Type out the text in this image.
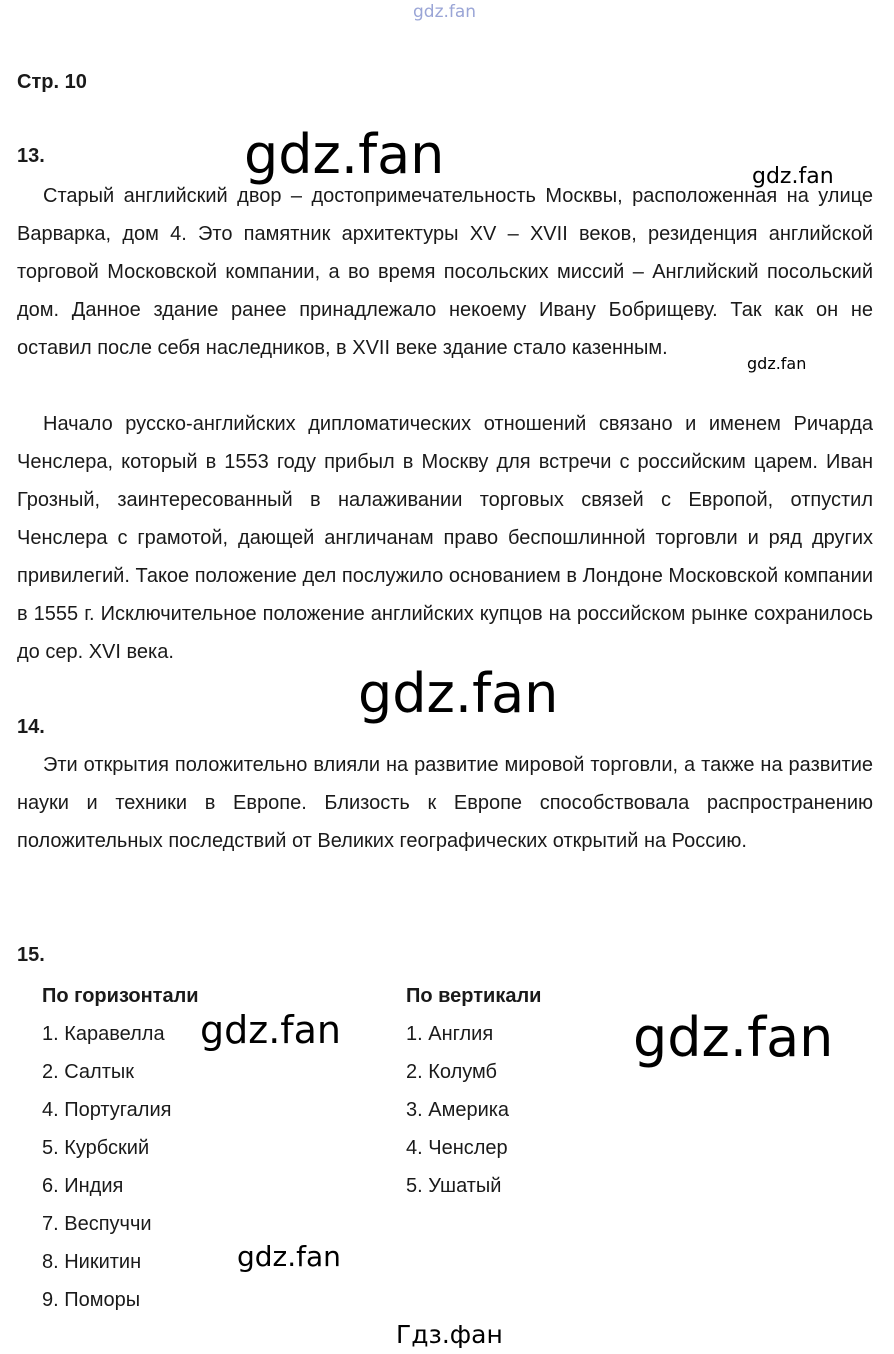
gdz.fan
Стр. 10
13.

Старый английский двор – достопримечательность Москвы, расположенная на улице Варварка, дом 4. Это памятник архитектуры XV – XVII веков, резиденция английской торговой Московской компании, а во время посольских миссий – Английский посольский дом. Данное здание ранее принадлежало некоему Ивану Бобрищеву. Так как он не оставил после себя наследников, в XVII веке здание стало казенным.

Начало русско-английских дипломатических отношений связано и именем Ричарда Ченслера, который в 1553 году прибыл в Москву для встречи с российским царем. Иван Грозный, заинтересованный в налаживании торговых связей с Европой, отпустил Ченслера с грамотой, дающей англичанам право беспошлинной торговли и ряд других привилегий. Такое положение дел послужило основанием в Лондоне Московской компании в 1555 г. Исключительное положение английских купцов на российском рынке сохранилось до сер. XVI века.

14.

Эти открытия положительно влияли на развитие мировой торговли, а также на развитие науки и техники в Европе. Близость к Европе способствовала распространению положительных последствий от Великих географических открытий на Россию.

15.
По горизонтали
1. Каравелла
2. Салтык
4. Португалия
5. Курбский
6. Индия
7. Веспуччи
8. Никитин
9. Поморы
По вертикали
1. Англия
2. Колумб
3. Америка
4. Ченслер
5. Ушатый
gdz.fan	gdz.fan
gdz.fan
gdz.fan
gdz.fan	gdz.fan
gdz.fan
Гдз.фан
